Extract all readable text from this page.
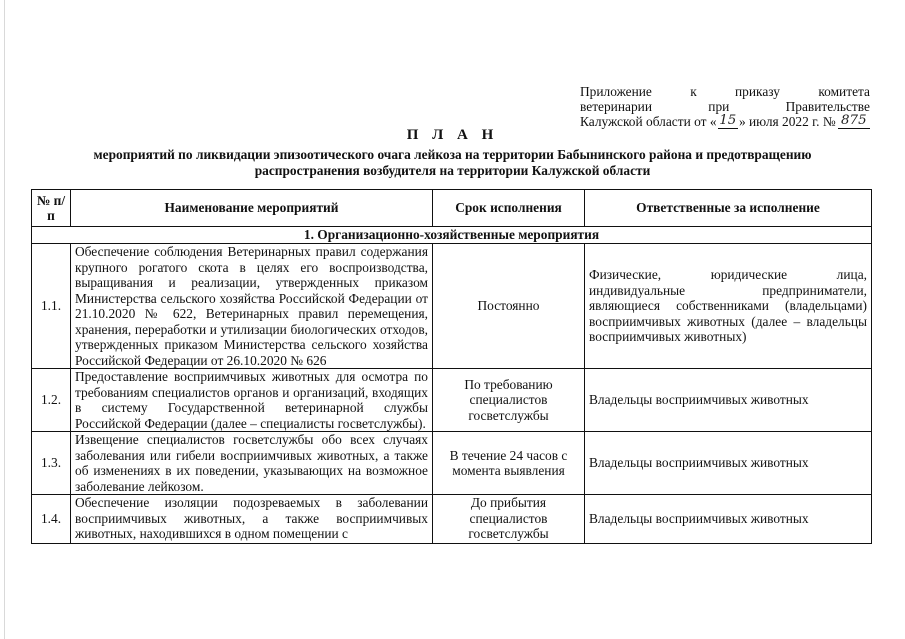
Приложение	к	приказу	комитета
ветеринарии	при	Правительстве
Калужской области от « 15 » июля 2022 г. № 875
П Л А Н
мероприятий по ликвидации эпизоотического очага лейкоза на территории Бабынинского района и предотвращению распространения возбудителя на территории Калужской области
№ п/п	Наименование мероприятий	Срок исполнения	Ответственные за исполнение
1. Организационно-хозяйственные мероприятия			
1.1.	Обеспечение соблюдения Ветеринарных правил содержания крупного рогатого скота в целях его воспроизводства, выращивания и реализации, утвержденных приказом Министерства сельского хозяйства Российской Федерации от 21.10.2020 № 622, Ветеринарных правил перемещения, хранения, переработки и утилизации биологических отходов, утвержденных приказом Министерства сельского хозяйства Российской Федерации от 26.10.2020 № 626	Постоянно	Физические, юридические лица, индивидуальные предприниматели, являющиеся собственниками (владельцами) восприимчивых животных (далее – владельцы восприимчивых животных)
1.2.	Предоставление восприимчивых животных для осмотра по требованиям специалистов органов и организаций, входящих в систему Государственной ветеринарной службы Российской Федерации (далее – специалисты госветслужбы).	По требованию специалистов госветслужбы	Владельцы восприимчивых животных
1.3.	Извещение специалистов госветслужбы обо всех случаях заболевания или гибели восприимчивых животных, а также об изменениях в их поведении, указывающих на возможное заболевание лейкозом.	В течение 24 часов с момента выявления	Владельцы восприимчивых животных
1.4.	Обеспечение изоляции подозреваемых в заболевании восприимчивых животных, а также восприимчивых животных, находившихся в одном помещении с	До прибытия специалистов госветслужбы	Владельцы восприимчивых животных
